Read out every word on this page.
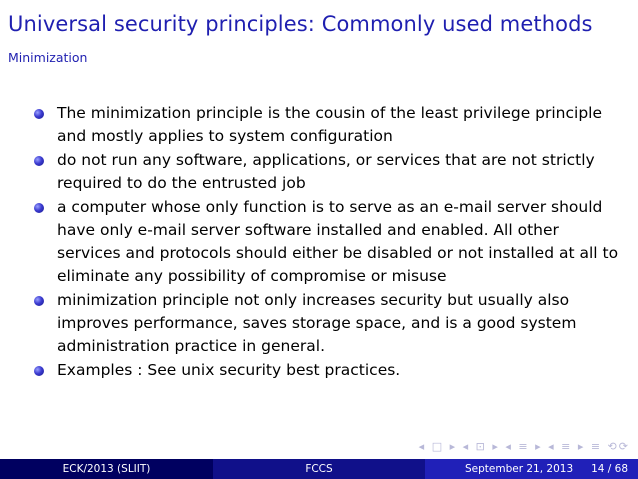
Universal security principles: Commonly used methods
Minimization
The minimization principle is the cousin of the least privilege principle and mostly applies to system configuration
do not run any software, applications, or services that are not strictly required to do the entrusted job
a computer whose only function is to serve as an e-mail server should have only e-mail server software installed and enabled. All other services and protocols should either be disabled or not installed at all to eliminate any possibility of compromise or misuse
minimization principle not only increases security but usually also improves performance, saves storage space, and is a good system administration practice in general.
Examples : See unix security best practices.
◂ □ ▸ ◂ ⊡ ▸ ◂ ≡ ▸ ◂ ≡ ▸ ≡ ⟲⟳
ECK/2013 (SLIIT)	FCCS	September 21, 2013 14 / 68
